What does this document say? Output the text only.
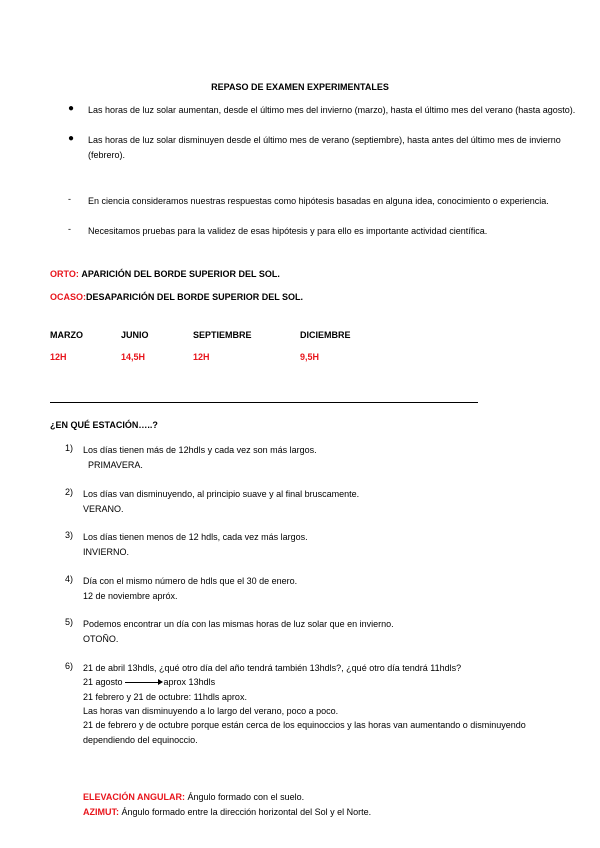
REPASO DE EXAMEN EXPERIMENTALES
● Las horas de luz solar aumentan, desde el último mes del invierno (marzo), hasta el último mes del verano (hasta agosto).
● Las horas de luz solar disminuyen desde el último mes de verano (septiembre), hasta antes del último mes de invierno (febrero).
- En ciencia consideramos nuestras respuestas como hipótesis basadas en alguna idea, conocimiento o experiencia.
- Necesitamos pruebas para la validez de esas hipótesis y para ello es importante actividad científica.
ORTO: APARICIÓN DEL BORDE SUPERIOR DEL SOL.
OCASO:DESAPARICIÓN DEL BORDE SUPERIOR DEL SOL.
MARZO	JUNIO	SEPTIEMBRE	DICIEMBRE
12H	14,5H	12H	9,5H
¿EN QUÉ ESTACIÓN…..?
1) Los días tienen más de 12hdls y cada vez son más largos.
PRIMAVERA.
2) Los días van disminuyendo, al principio suave y al final bruscamente.
VERANO.
3) Los días tienen menos de 12 hdls, cada vez más largos.
INVIERNO.
4) Día con el mismo número de hdls que el 30 de enero.
12 de noviembre apróx.
5) Podemos encontrar un día con las mismas horas de luz solar que en invierno.
OTOÑO.
6) 21 de abril 13hdls, ¿qué otro día del año tendrá también 13hdls?, ¿qué otro día tendrá 11hdls?
21 agosto	aprox 13hdls
21 febrero y 21 de octubre: 11hdls aprox.
Las horas van disminuyendo a lo largo del verano, poco a poco.
21 de febrero y de octubre porque están cerca de los equinoccios y las horas van aumentando o disminuyendo
dependiendo del equinoccio.
ELEVACIÓN ANGULAR: Ángulo formado con el suelo.
AZIMUT: Ángulo formado entre la dirección horizontal del Sol y el Norte.
